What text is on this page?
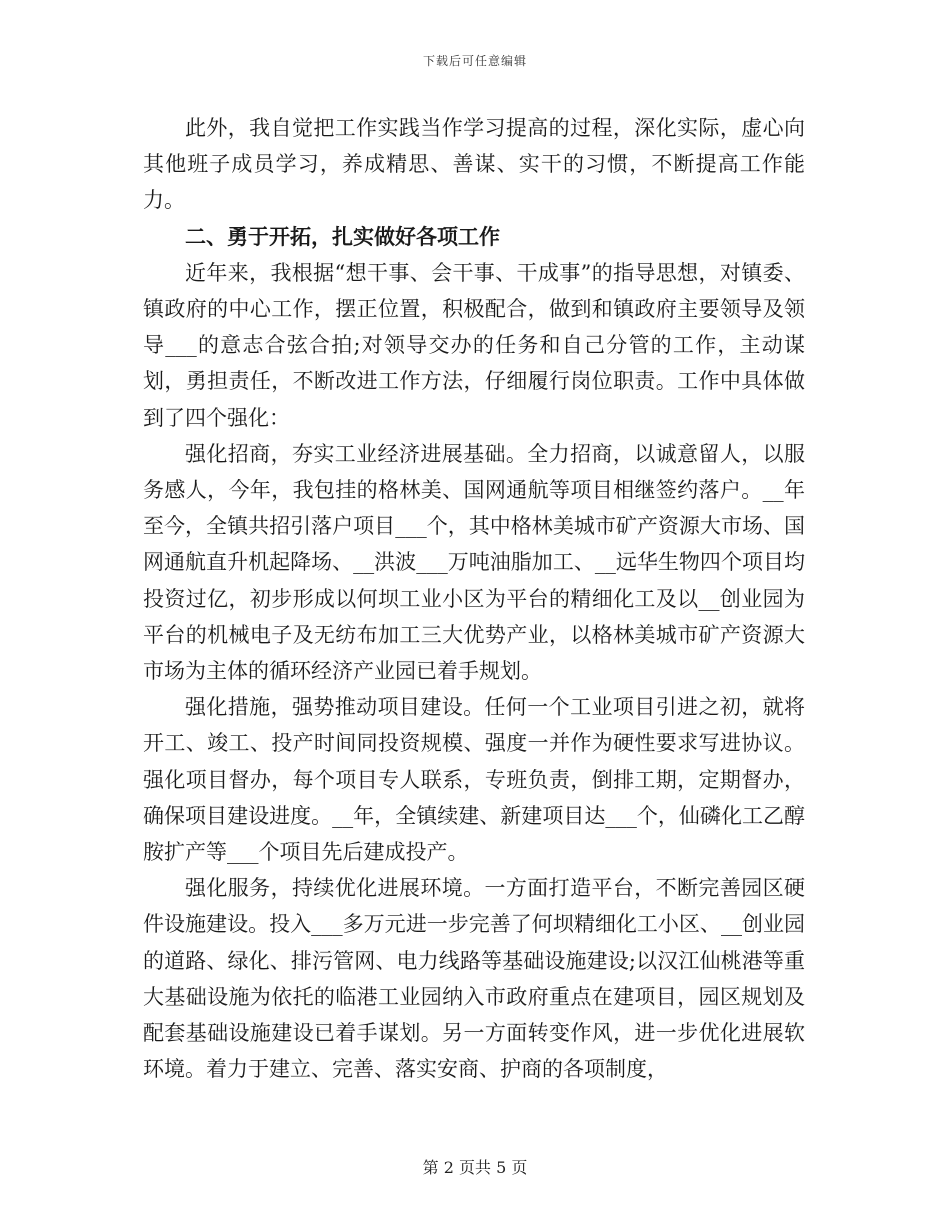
下载后可任意编辑

此外，我自觉把工作实践当作学习提高的过程，深化实际，虚心向其他班子成员学习，养成精思、善谋、实干的习惯，不断提高工作能力。

二、勇于开拓，扎实做好各项工作

近年来，我根据“想干事、会干事、干成事”的指导思想，对镇委、镇政府的中心工作，摆正位置，积极配合，做到和镇政府主要领导及领导___的意志合弦合拍;对领导交办的任务和自己分管的工作，主动谋划，勇担责任，不断改进工作方法，仔细履行岗位职责。工作中具体做到了四个强化：

强化招商，夯实工业经济进展基础。全力招商，以诚意留人，以服务感人，今年，我包挂的格林美、国网通航等项目相继签约落户。__年至今，全镇共招引落户项目___个，其中格林美城市矿产资源大市场、国网通航直升机起降场、__洪波___万吨油脂加工、__远华生物四个项目均投资过亿，初步形成以何坝工业小区为平台的精细化工及以__创业园为平台的机械电子及无纺布加工三大优势产业，以格林美城市矿产资源大市场为主体的循环经济产业园已着手规划。

强化措施，强势推动项目建设。任何一个工业项目引进之初，就将开工、竣工、投产时间同投资规模、强度一并作为硬性要求写进协议。强化项目督办，每个项目专人联系，专班负责，倒排工期，定期督办，确保项目建设进度。__年，全镇续建、新建项目达___个，仙磷化工乙醇胺扩产等___个项目先后建成投产。

强化服务，持续优化进展环境。一方面打造平台，不断完善园区硬件设施建设。投入___多万元进一步完善了何坝精细化工小区、__创业园的道路、绿化、排污管网、电力线路等基础设施建设;以汉江仙桃港等重大基础设施为依托的临港工业园纳入市政府重点在建项目，园区规划及配套基础设施建设已着手谋划。另一方面转变作风，进一步优化进展软环境。着力于建立、完善、落实安商、护商的各项制度，

第 2 页共 5 页
